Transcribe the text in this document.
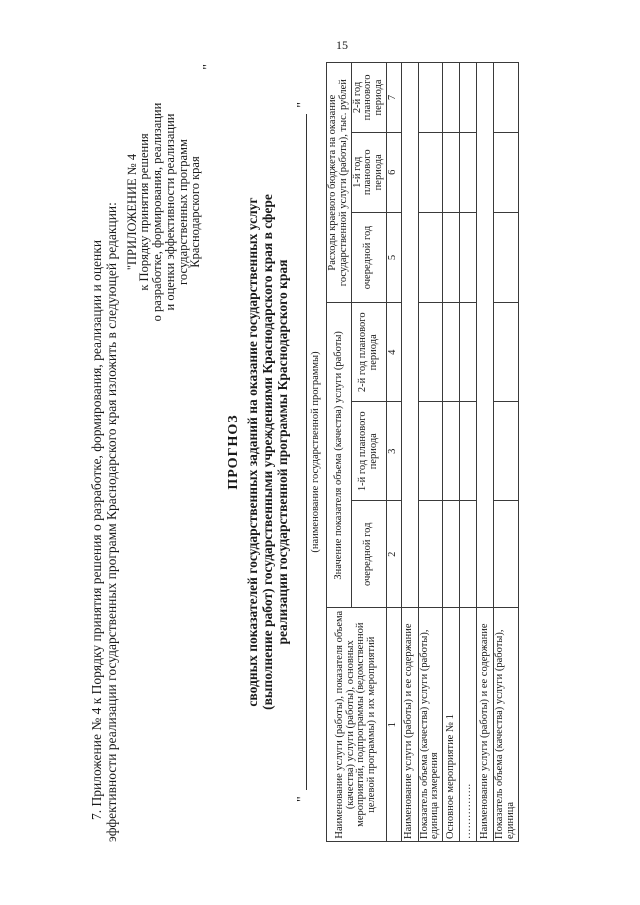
15

7. Приложение № 4 к Порядку принятия решения о разработке, формирования, реализации и оценки эффективности реализации государственных программ Краснодарского края изложить в следующей редакции: "ПРИЛОЖЕНИЕ № 4
к Порядку принятия решения
о разработке, формирования, реализации
и оценки эффективности реализации
государственных программ
Краснодарского края
"
ПРОГНОЗ сводных показателей государственных заданий на оказание государственных услуг (выполнение работ) государственными учреждениями Краснодарского края в сфере реализации государственной программы Краснодарского края
"
"
(наименование государственной программы)
Наименование услуги (работы), показателя объема (качества) услуги (работы), основных мероприятий, подпрограммы (ведомственной целевой программы) и их мероприятий	Значение показателя объема (качества) услуги (работы)			Расходы краевого бюджета на оказание государственной услуги (работы), тыс. рублей		
	очередной год	1-й год планового периода	2-й год планового периода	очередной год	1-й год планового периода	2-й год планового периода
1	2	3	4	5	6	7
Наименование услуги (работы) и ее содержание						
Показатель объема (качества) услуги (работы), единица измерения						
Основное мероприятие № 1						
…………….						
Наименование услуги (работы) и ее содержание						
Показатель объема (качества) услуги (работы), единица						
